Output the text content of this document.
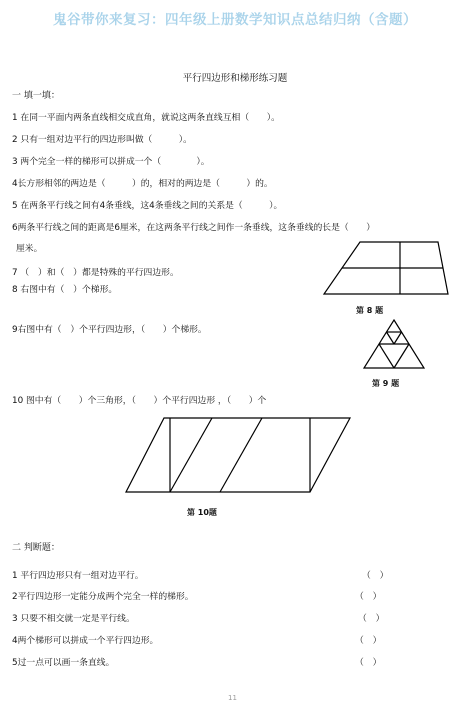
鬼谷带你来复习：四年级上册数学知识点总结归纳（含题）
平行四边形和梯形练习题
一 填一填：
1 在同一平面内两条直线相交成直角，就说这两条直线互相（　　）。
2 只有一组对边平行的四边形叫做（　　　）。
3 两个完全一样的梯形可以拼成一个（　　　　）。
4长方形相邻的两边是（　　　）的，相对的两边是（　　　）的。
5 在两条平行线之间有4条垂线，这4条垂线之间的关系是（　　　）。
6两条平行线之间的距离是6厘米，在这两条平行线之间作一条垂线，这条垂线的长是（　　）
厘米。
7 （　）和（　）都是特殊的平行四边形。
8 右图中有（　）个梯形。
9右图中有（　）个平行四边形，（　　）个梯形。
10 图中有（　　）个三角形，（　　）个平行四边形 ，（　　）个
第 8 题
第 9 题
第 10题
二 判断题：
1 平行四边形只有一组对边平行。	（　）
2平行四边形一定能分成两个完全一样的梯形。	（　）
3 只要不相交就一定是平行线。	（　）
4两个梯形可以拼成一个平行四边形。	（　）
5过一点可以画一条直线。	（　）
11
